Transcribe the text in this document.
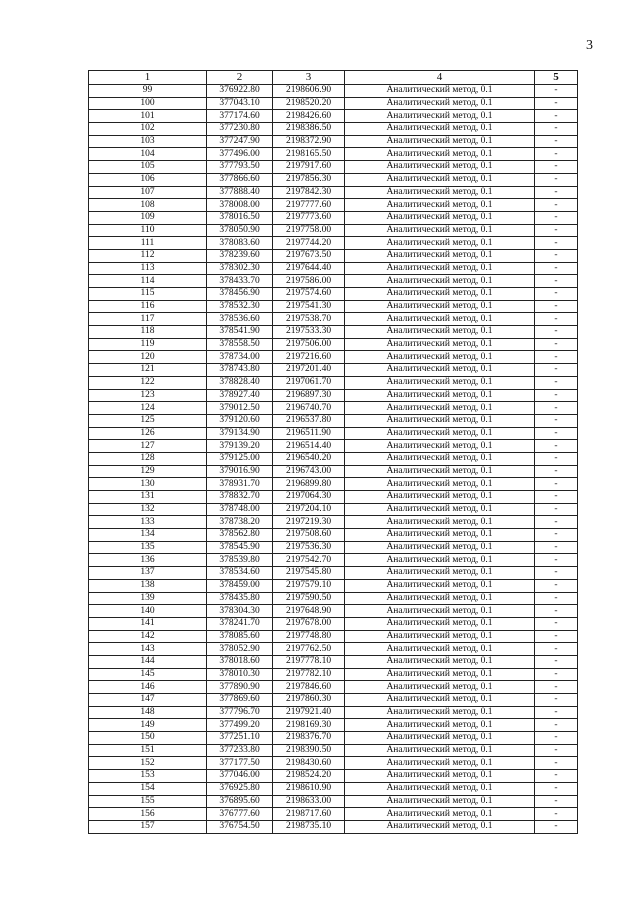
3
1	2	3	4	5
99	376922.80	2198606.90	Аналитический метод, 0.1	-
100	377043.10	2198520.20	Аналитический метод, 0.1	-
101	377174.60	2198426.60	Аналитический метод, 0.1	-
102	377230.80	2198386.50	Аналитический метод, 0.1	-
103	377247.90	2198372.90	Аналитический метод, 0.1	-
104	377496.00	2198165.50	Аналитический метод, 0.1	-
105	377793.50	2197917.60	Аналитический метод, 0.1	-
106	377866.60	2197856.30	Аналитический метод, 0.1	-
107	377888.40	2197842.30	Аналитический метод, 0.1	-
108	378008.00	2197777.60	Аналитический метод, 0.1	-
109	378016.50	2197773.60	Аналитический метод, 0.1	-
110	378050.90	2197758.00	Аналитический метод, 0.1	-
111	378083.60	2197744.20	Аналитический метод, 0.1	-
112	378239.60	2197673.50	Аналитический метод, 0.1	-
113	378302.30	2197644.40	Аналитический метод, 0.1	-
114	378433.70	2197586.00	Аналитический метод, 0.1	-
115	378456.90	2197574.60	Аналитический метод, 0.1	-
116	378532.30	2197541.30	Аналитический метод, 0.1	-
117	378536.60	2197538.70	Аналитический метод, 0.1	-
118	378541.90	2197533.30	Аналитический метод, 0.1	-
119	378558.50	2197506.00	Аналитический метод, 0.1	-
120	378734.00	2197216.60	Аналитический метод, 0.1	-
121	378743.80	2197201.40	Аналитический метод, 0.1	-
122	378828.40	2197061.70	Аналитический метод, 0.1	-
123	378927.40	2196897.30	Аналитический метод, 0.1	-
124	379012.50	2196740.70	Аналитический метод, 0.1	-
125	379120.60	2196537.80	Аналитический метод, 0.1	-
126	379134.90	2196511.90	Аналитический метод, 0.1	-
127	379139.20	2196514.40	Аналитический метод, 0.1	-
128	379125.00	2196540.20	Аналитический метод, 0.1	-
129	379016.90	2196743.00	Аналитический метод, 0.1	-
130	378931.70	2196899.80	Аналитический метод, 0.1	-
131	378832.70	2197064.30	Аналитический метод, 0.1	-
132	378748.00	2197204.10	Аналитический метод, 0.1	-
133	378738.20	2197219.30	Аналитический метод, 0.1	-
134	378562.80	2197508.60	Аналитический метод, 0.1	-
135	378545.90	2197536.30	Аналитический метод, 0.1	-
136	378539.80	2197542.70	Аналитический метод, 0.1	-
137	378534.60	2197545.80	Аналитический метод, 0.1	-
138	378459.00	2197579.10	Аналитический метод, 0.1	-
139	378435.80	2197590.50	Аналитический метод, 0.1	-
140	378304.30	2197648.90	Аналитический метод, 0.1	-
141	378241.70	2197678.00	Аналитический метод, 0.1	-
142	378085.60	2197748.80	Аналитический метод, 0.1	-
143	378052.90	2197762.50	Аналитический метод, 0.1	-
144	378018.60	2197778.10	Аналитический метод, 0.1	-
145	378010.30	2197782.10	Аналитический метод, 0.1	-
146	377890.90	2197846.60	Аналитический метод, 0.1	-
147	377869.60	2197860.30	Аналитический метод, 0.1	-
148	377796.70	2197921.40	Аналитический метод, 0.1	-
149	377499.20	2198169.30	Аналитический метод, 0.1	-
150	377251.10	2198376.70	Аналитический метод, 0.1	-
151	377233.80	2198390.50	Аналитический метод, 0.1	-
152	377177.50	2198430.60	Аналитический метод, 0.1	-
153	377046.00	2198524.20	Аналитический метод, 0.1	-
154	376925.80	2198610.90	Аналитический метод, 0.1	-
155	376895.60	2198633.00	Аналитический метод, 0.1	-
156	376777.60	2198717.60	Аналитический метод, 0.1	-
157	376754.50	2198735.10	Аналитический метод, 0.1	-
